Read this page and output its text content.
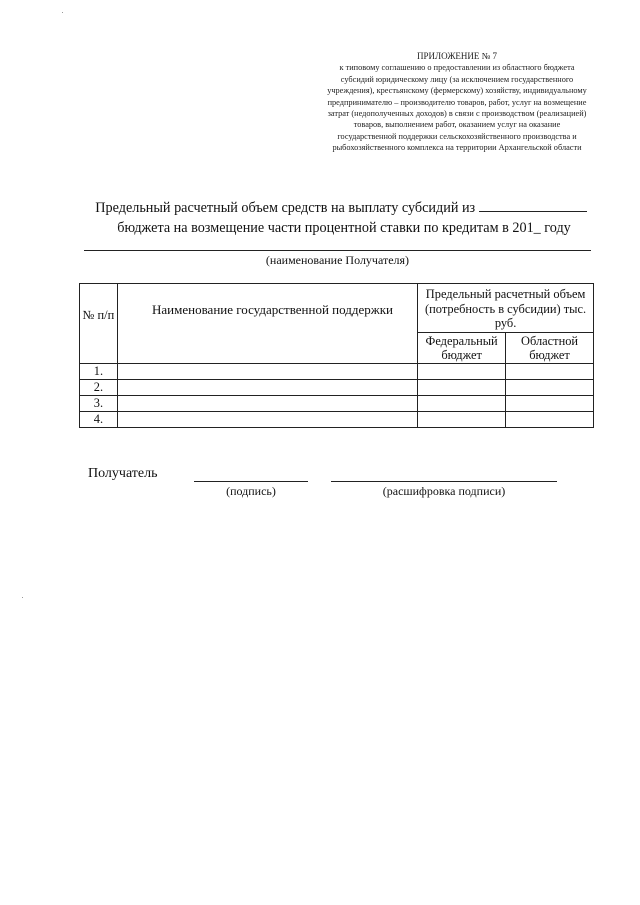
ПРИЛОЖЕНИЕ № 7
к типовому соглашению о предоставлении из областного бюджета
субсидий юридическому лицу (за исключением государственного
учреждения), крестьянскому (фермерскому) хозяйству, индивидуальному
предпринимателю – производителю товаров, работ, услуг на возмещение
затрат (недополученных доходов) в связи с производством (реализацией)
товаров, выполнением работ, оказанием услуг на оказание
государственной поддержки сельскохозяйственного производства и
рыбохозяйственного комплекса на территории Архангельской области
Предельный расчетный объем средств на выплату субсидий из
бюджета на возмещение части процентной ставки по кредитам в 201_ году
(наименование Получателя)
№ п/п	Наименование государственной поддержки	Предельный расчетный объем (потребность в субсидии) тыс. руб.	

		Федеральный бюджет	Областной бюджет

1.			
2.			
3.			
4.			
Получатель
(подпись)	(расшифровка подписи)
